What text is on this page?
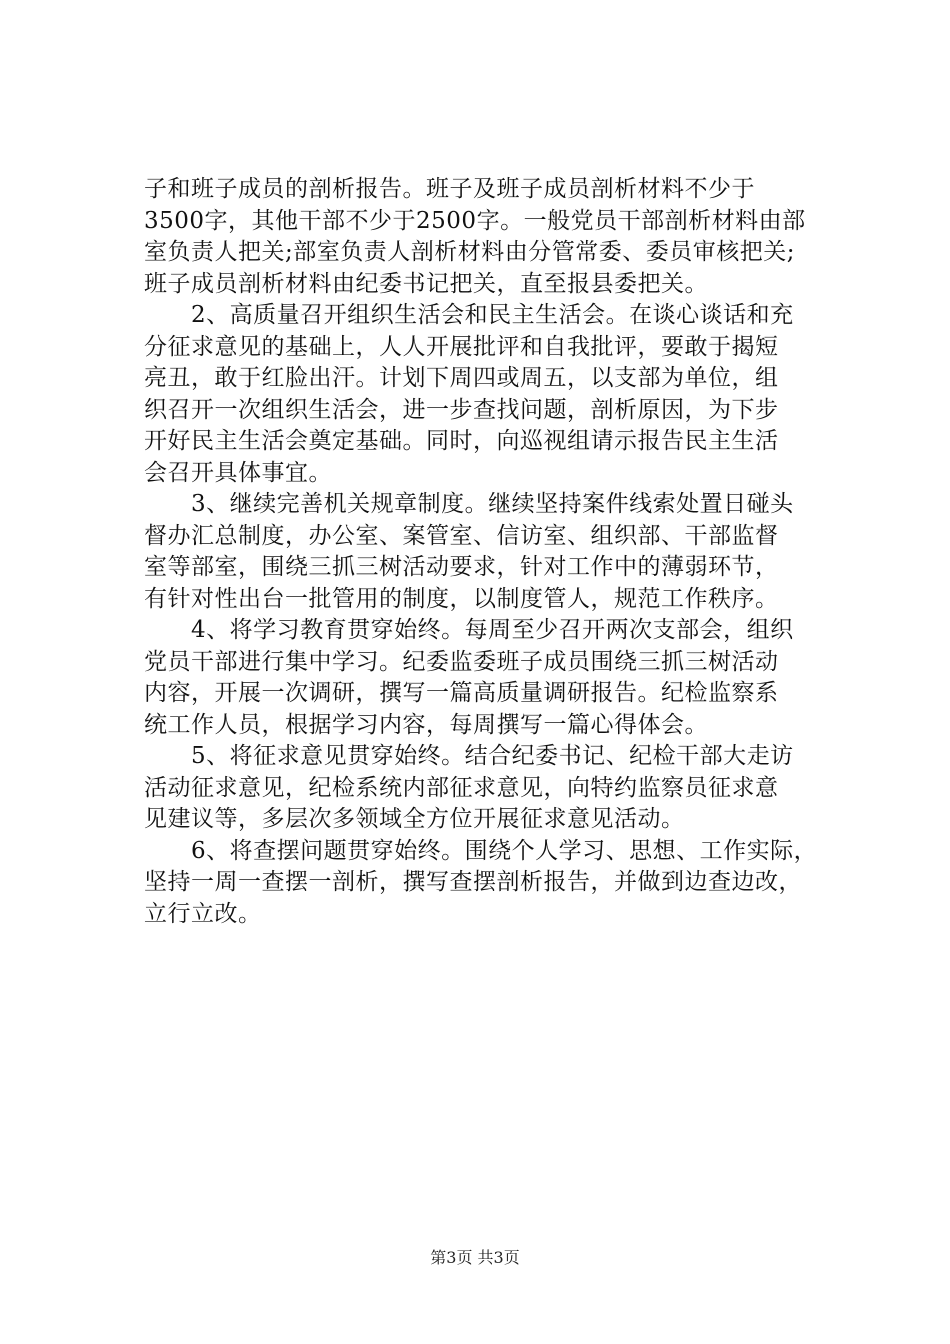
子和班子成员的剖析报告。班子及班子成员剖析材料不少于
3500字，其他干部不少于2500字。一般党员干部剖析材料由部
室负责人把关;部室负责人剖析材料由分管常委、委员审核把关;
班子成员剖析材料由纪委书记把关，直至报县委把关。
　　2、高质量召开组织生活会和民主生活会。在谈心谈话和充
分征求意见的基础上，人人开展批评和自我批评，要敢于揭短
亮丑，敢于红脸出汗。计划下周四或周五，以支部为单位，组
织召开一次组织生活会，进一步查找问题，剖析原因，为下步
开好民主生活会奠定基础。同时，向巡视组请示报告民主生活
会召开具体事宜。
　　3、继续完善机关规章制度。继续坚持案件线索处置日碰头
督办汇总制度，办公室、案管室、信访室、组织部、干部监督
室等部室，围绕三抓三树活动要求，针对工作中的薄弱环节，
有针对性出台一批管用的制度，以制度管人，规范工作秩序。
　　4、将学习教育贯穿始终。每周至少召开两次支部会，组织
党员干部进行集中学习。纪委监委班子成员围绕三抓三树活动
内容，开展一次调研，撰写一篇高质量调研报告。纪检监察系
统工作人员，根据学习内容，每周撰写一篇心得体会。
　　5、将征求意见贯穿始终。结合纪委书记、纪检干部大走访
活动征求意见，纪检系统内部征求意见，向特约监察员征求意
见建议等，多层次多领域全方位开展征求意见活动。
　　6、将查摆问题贯穿始终。围绕个人学习、思想、工作实际，
坚持一周一查摆一剖析，撰写查摆剖析报告，并做到边查边改，
立行立改。
第3页 共3页
